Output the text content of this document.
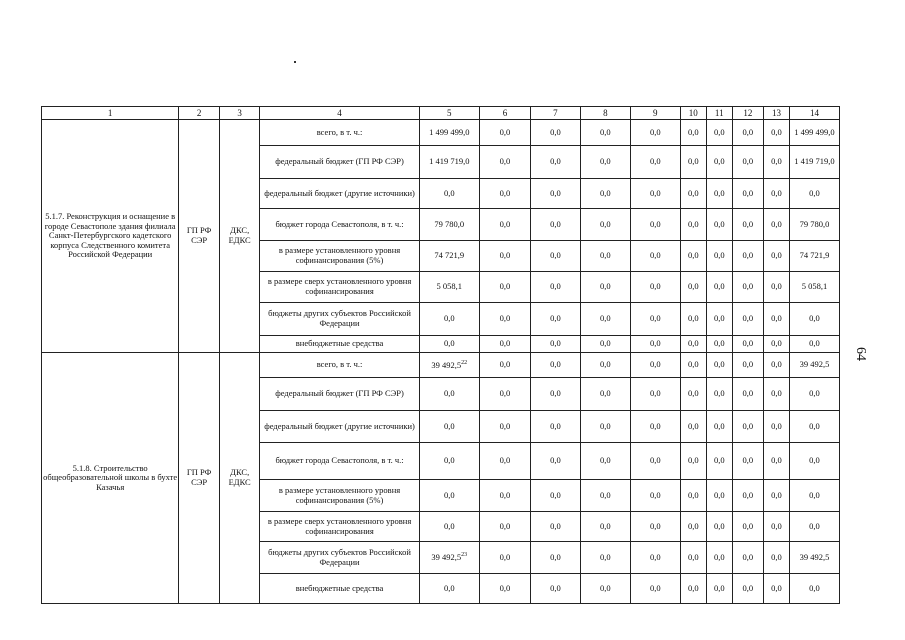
1	2	3	4	5	6	7	8	9	10	11	12	13	14
5.1.7. Реконструкция и оснащение в городе Севастополе здания филиала Санкт-Петербургского кадетского корпуса Следственного комитета Российской Федерации	ГП РФ СЭР	ДКС, ЕДКС	всего, в т. ч.:	1 499 499,0	0,0	0,0	0,0	0,0	0,0	0,0	0,0	0,0	1 499 499,0
			федеральный бюджет (ГП РФ СЭР)	1 419 719,0	0,0	0,0	0,0	0,0	0,0	0,0	0,0	0,0	1 419 719,0
			федеральный бюджет (другие источники)	0,0	0,0	0,0	0,0	0,0	0,0	0,0	0,0	0,0	0,0
			бюджет города Севастополя, в т. ч.:	79 780,0	0,0	0,0	0,0	0,0	0,0	0,0	0,0	0,0	79 780,0
			в размере установленного уровня софинансирования (5%)	74 721,9	0,0	0,0	0,0	0,0	0,0	0,0	0,0	0,0	74 721,9
			в размере сверх установленного уровня софинансирования	5 058,1	0,0	0,0	0,0	0,0	0,0	0,0	0,0	0,0	5 058,1
			бюджеты других субъектов Российской Федерации	0,0	0,0	0,0	0,0	0,0	0,0	0,0	0,0	0,0	0,0
			внебюджетные средства	0,0	0,0	0,0	0,0	0,0	0,0	0,0	0,0	0,0	0,0
5.1.8. Строительство общеобразовательной школы в бухте Казачья	ГП РФ СЭР	ДКС, ЕДКС	всего, в т. ч.:	39 492,5$^{22}$	0,0	0,0	0,0	0,0	0,0	0,0	0,0	0,0	39 492,5
			федеральный бюджет (ГП РФ СЭР)	0,0	0,0	0,0	0,0	0,0	0,0	0,0	0,0	0,0	0,0
			федеральный бюджет (другие источники)	0,0	0,0	0,0	0,0	0,0	0,0	0,0	0,0	0,0	0,0
			бюджет города Севастополя, в т. ч.:	0,0	0,0	0,0	0,0	0,0	0,0	0,0	0,0	0,0	0,0
			в размере установленного уровня софинансирования (5%)	0,0	0,0	0,0	0,0	0,0	0,0	0,0	0,0	0,0	0,0
			в размере сверх установленного уровня софинансирования	0,0	0,0	0,0	0,0	0,0	0,0	0,0	0,0	0,0	0,0
			бюджеты других субъектов Российской Федерации	39 492,5$^{23}$	0,0	0,0	0,0	0,0	0,0	0,0	0,0	0,0	39 492,5
			внебюджетные средства	0,0	0,0	0,0	0,0	0,0	0,0	0,0	0,0	0,0	0,0
64
